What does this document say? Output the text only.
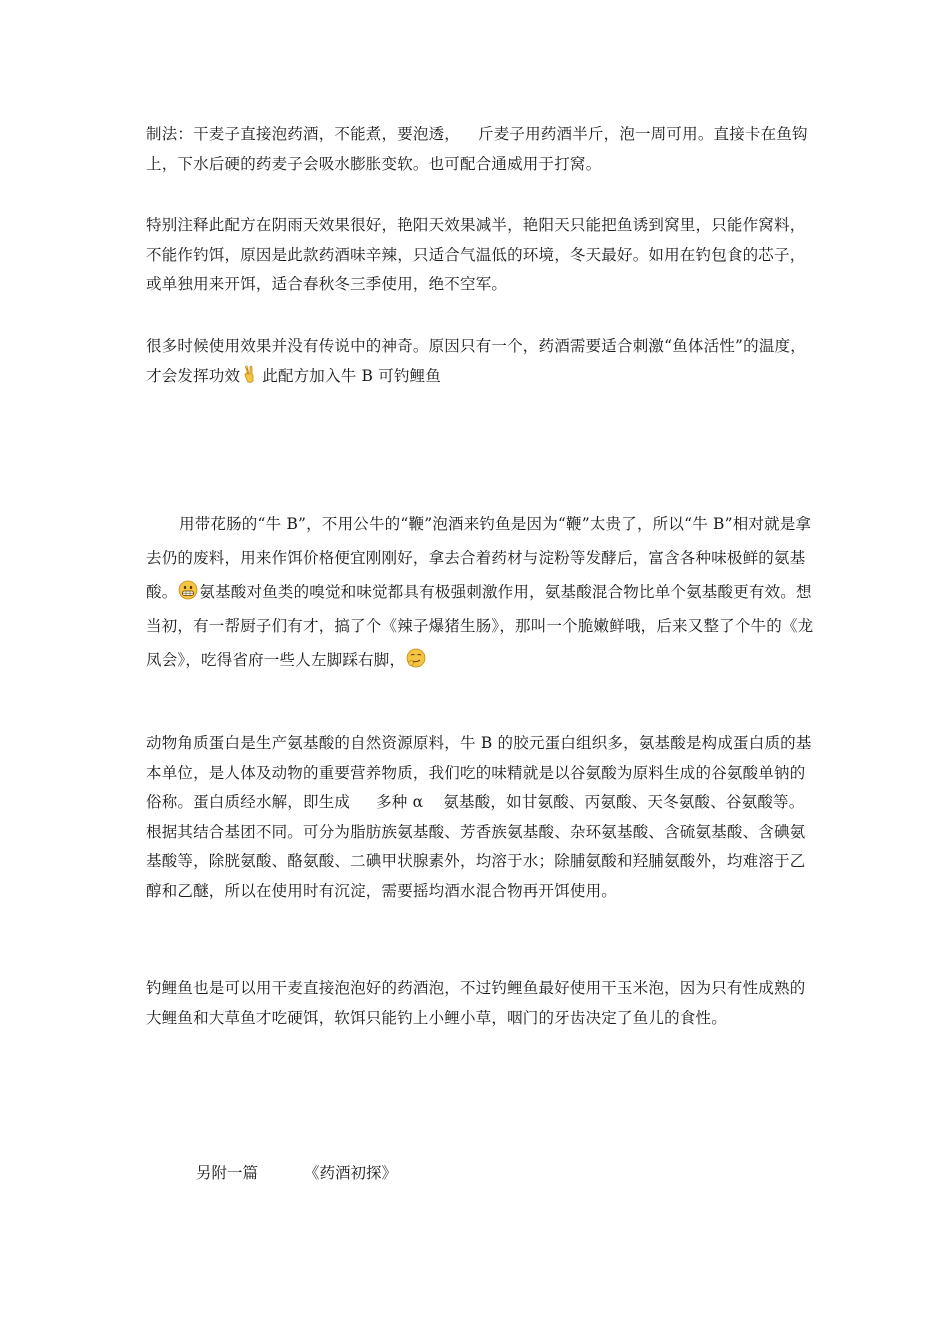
制法：干麦子直接泡药酒，不能煮，要泡透， 斤麦子用药酒半斤，泡一周可用。直接卡在鱼钩上，下水后硬的药麦子会吸水膨胀变软。也可配合通威用于打窝。

特别注释此配方在阴雨天效果很好，艳阳天效果减半，艳阳天只能把鱼诱到窝里，只能作窝料，不能作钓饵，原因是此款药酒味辛辣，只适合气温低的环境，冬天最好。如用在钓包食的芯子，或单独用来开饵，适合春秋冬三季使用，绝不空军。

很多时候使用效果并没有传说中的神奇。原因只有一个，药酒需要适合刺激“鱼体活性”的温度，才会发挥功效 此配方加入牛 B 可钓鲤鱼

用带花肠的“牛 B”，不用公牛的“鞭”泡酒来钓鱼是因为“鞭”太贵了，所以“牛 B”相对就是拿去仍的废料，用来作饵价格便宜刚刚好，拿去合着药材与淀粉等发酵后，富含各种味极鲜的氨基酸。 氨基酸对鱼类的嗅觉和味觉都具有极强刺激作用，氨基酸混合物比单个氨基酸更有效。想当初，有一帮厨子们有才，搞了个《辣子爆猪生肠》，那叫一个脆嫩鲜哦，后来又整了个牛的《龙凤会》，吃得省府一些人左脚踩右脚，

动物角质蛋白是生产氨基酸的自然资源原料，牛 B 的胶元蛋白组织多，氨基酸是构成蛋白质的基本单位，是人体及动物的重要营养物质，我们吃的味精就是以谷氨酸为原料生成的谷氨酸单钠的俗称。蛋白质经水解，即生成 多种 α 氨基酸，如甘氨酸、丙氨酸、天冬氨酸、谷氨酸等。根据其结合基团不同。可分为脂肪族氨基酸、芳香族氨基酸、杂环氨基酸、含硫氨基酸、含碘氨基酸等，除胱氨酸、酪氨酸、二碘甲状腺素外，均溶于水；除脯氨酸和羟脯氨酸外，均难溶于乙醇和乙醚，所以在使用时有沉淀，需要摇均酒水混合物再开饵使用。

钓鲤鱼也是可以用干麦直接泡泡好的药酒泡，不过钓鲤鱼最好使用干玉米泡，因为只有性成熟的大鲤鱼和大草鱼才吃硬饵，软饵只能钓上小鲤小草，咽门的牙齿决定了鱼儿的食性。

另附一篇	《药酒初探》
